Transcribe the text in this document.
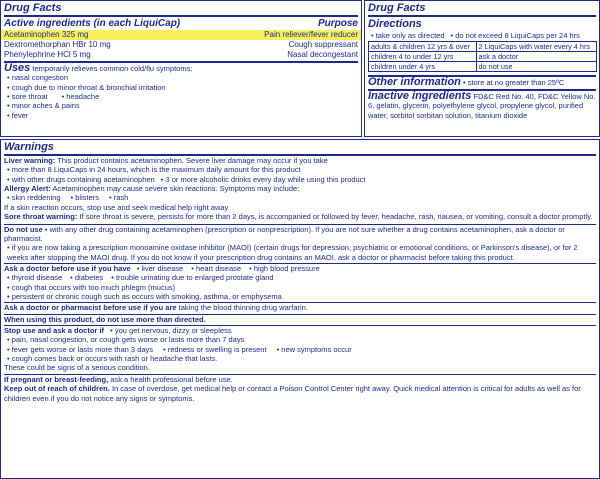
Drug Facts
Active ingredients (in each LiquiCap)	Purpose
Acetaminophen 325 mg	Pain reliever/fever reducer
Dextromethorphan HBr 10 mg	Cough suppressant
Phenylephrine HCl 5 mg	Nasal decongestant
Uses temporarily relieves common cold/flu symptoms:
• nasal congestion
• cough due to minor throat & bronchial irritation
• sore throat • headache
• minor aches & pains
• fever
Drug Facts
Directions
• take only as directed • do not exceed 8 LiquiCaps per 24 hrs
adults & children 12 yrs & over	2 LiquiCaps with water every 4 hrs
children 4 to under 12 yrs	ask a doctor
children under 4 yrs	do not use
Other information • store at no greater than 25ºC
Inactive ingredients FD&C Red No. 40, FD&C Yellow No. 6, gelatin, glycerin, polyethylene glycol, propylene glycol, purified water, sorbitol sorbitan solution, titanium dioxide
Warnings
Liver warning: This product contains acetaminophen. Severe liver damage may occur if you take
• more than 8 LiquiCaps in 24 hours, which is the maximum daily amount for this product
• with other drugs containing acetaminophen • 3 or more alcoholic drinks every day while using this product
Allergy Alert: Acetaminophen may cause severe skin reactions. Symptoms may include:
• skin reddening • blisters • rash
If a skin reaction occurs, stop use and seek medical help right away
Sore throat warning: If sore throat is severe, persists for more than 2 days, is accompanied or followed by fever, headache, rash, nausea, or vomiting, consult a doctor promptly.
Do not use • with any other drug containing acetaminophen (prescription or nonprescription). If you are not sure whether a drug contains acetaminophen, ask a doctor or pharmacist.
• if you are now taking a prescription monoamine oxidase inhibitor (MAOI) (certain drugs for depression, psychiatric or emotional conditions, or Parkinson's disease), or for 2 weeks after stopping the MAOI drug. If you do not know if your prescription drug contains an MAOI, ask a doctor or pharmacist before taking this product.
Ask a doctor before use if you have • liver disease • heart disease • high blood pressure
• thyroid disease • diabetes • trouble urinating due to enlarged prostate gland
• cough that occurs with too much phlegm (mucus)
• persistent or chronic cough such as occurs with smoking, asthma, or emphysema
Ask a doctor or pharmacist before use if you are taking the blood thinning drug warfarin.
When using this product, do not use more than directed.
Stop use and ask a doctor if • you get nervous, dizzy or sleepless
• pain, nasal congestion, or cough gets worse or lasts more than 7 days
• fever gets worse or lasts more than 3 days • redness or swelling is present • new symptoms occur
• cough comes back or occurs with rash or headache that lasts.
These could be signs of a serious condition.
If pregnant or breast-feeding, ask a health professional before use.
Keep out of reach of children. In case of overdose, get medical help or contact a Poison Control Center right away. Quick medical attention is critical for adults as well as for children even if you do not notice any signs or symptoms.
